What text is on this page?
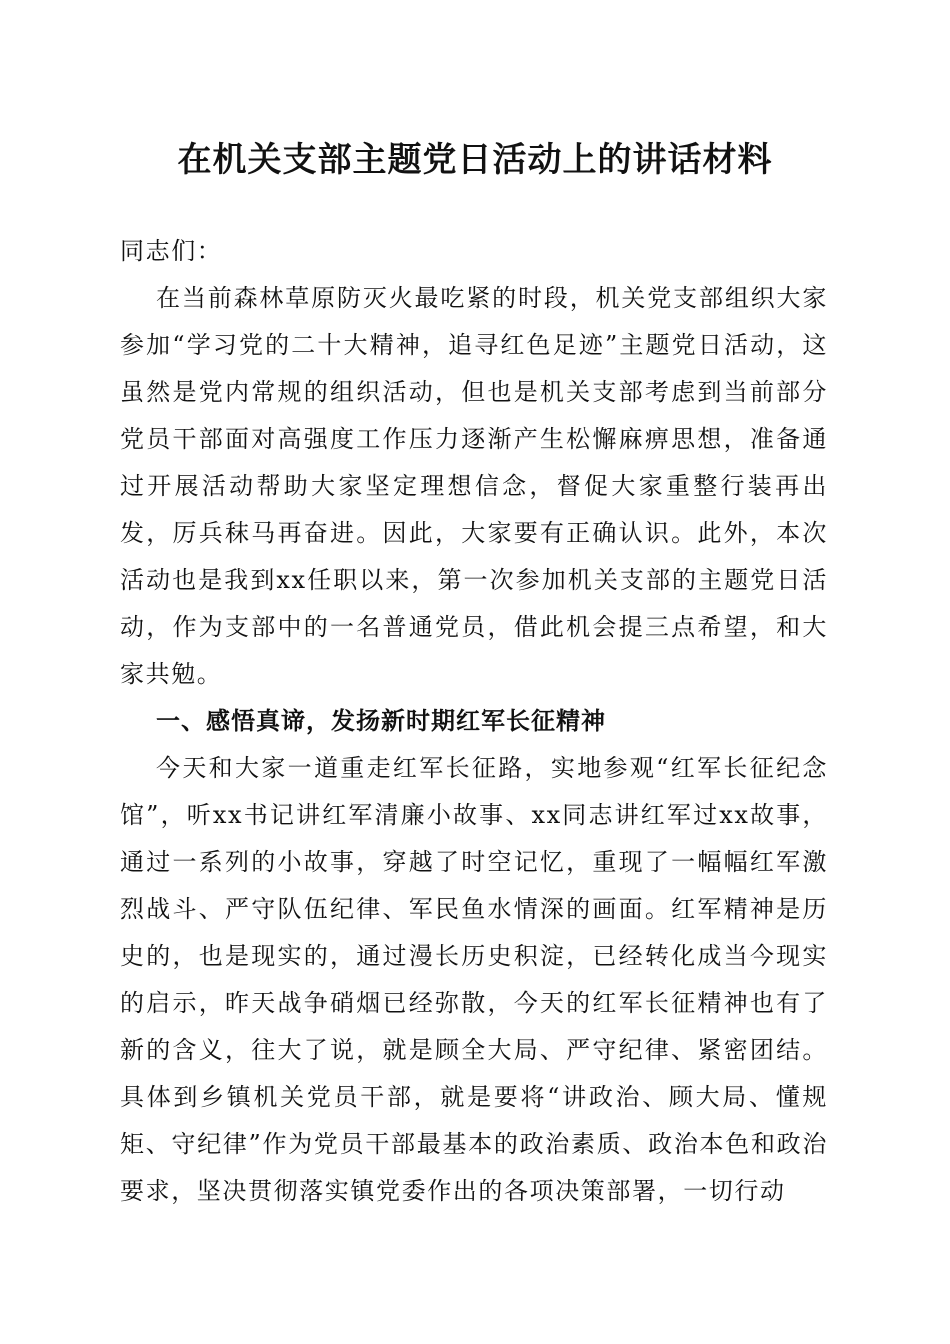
在机关支部主题党日活动上的讲话材料

同志们：

在当前森林草原防灭火最吃紧的时段，机关党支部组织大家参加“学习党的二十大精神，追寻红色足迹”主题党日活动，这虽然是党内常规的组织活动，但也是机关支部考虑到当前部分党员干部面对高强度工作压力逐渐产生松懈麻痹思想，准备通过开展活动帮助大家坚定理想信念，督促大家重整行装再出发，厉兵秣马再奋进。因此，大家要有正确认识。此外，本次活动也是我到xx任职以来，第一次参加机关支部的主题党日活动，作为支部中的一名普通党员，借此机会提三点希望，和大家共勉。

一、感悟真谛，发扬新时期红军长征精神

今天和大家一道重走红军长征路，实地参观“红军长征纪念馆”，听xx书记讲红军清廉小故事、xx同志讲红军过xx故事，通过一系列的小故事，穿越了时空记忆，重现了一幅幅红军激烈战斗、严守队伍纪律、军民鱼水情深的画面。红军精神是历史的，也是现实的，通过漫长历史积淀，已经转化成当今现实的启示，昨天战争硝烟已经弥散，今天的红军长征精神也有了新的含义，往大了说，就是顾全大局、严守纪律、紧密团结。具体到乡镇机关党员干部，就是要将“讲政治、顾大局、懂规矩、守纪律”作为党员干部最基本的政治素质、政治本色和政治要求，坚决贯彻落实镇党委作出的各项决策部署，一切行动
